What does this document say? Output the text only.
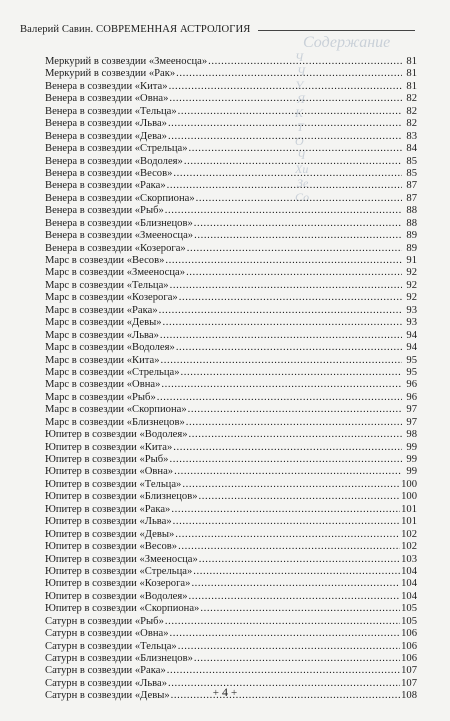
Валерий Савин.
СОВРЕМЕННАЯ АСТРОЛОГИЯ
Содержание
Ч
Ч
У
Я
К
Т
О
Ч
Хи
Зе
Со
Меркурий в созвездии «Змееносца» .....	81
Меркурий в созвездии «Рак» .....	81
Венера в созвездии «Кита» .....	81
Венера в созвездии «Овна» .....	82
Венера в созвездии «Тельца» .....	82
Венера в созвездии «Льва» .....	82
Венера в созвездии «Дева» .....	83
Венера в созвездии «Стрельца» .....	84
Венера в созвездии «Водолея» .....	85
Венера в созвездии «Весов» .....	85
Венера в созвездии «Рака» .....	87
Венера в созвездии «Скорпиона» .....	87
Венера в созвездии «Рыб» .....	88
Венера в созвездии «Близнецов» .....	88
Венера в созвездии «Змееносца» .....	89
Венера в созвездии «Козерога» .....	89
Марс в созвездии «Весов» .....	91
Марс в созвездии «Змееносца» .....	92
Марс в созвездии «Тельца» .....	92
Марс в созвездии «Козерога» .....	92
Марс в созвездии «Рака» .....	93
Марс в созвездии «Девы» .....	93
Марс в созвездии «Льва» .....	94
Марс в созвездии «Водолея» .....	94
Марс в созвездии «Кита» .....	95
Марс в созвездии «Стрельца» .....	95
Марс в созвездии «Овна» .....	96
Марс в созвездии «Рыб» .....	96
Марс в созвездии «Скорпиона» .....	97
Марс в созвездии «Близнецов» .....	97
Юпитер в созвездии «Водолея» .....	98
Юпитер в созвездии «Кита» .....	99
Юпитер в созвездии «Рыб» .....	99
Юпитер в созвездии «Овна» .....	99
Юпитер в созвездии «Тельца» .....	100
Юпитер в созвездии «Близнецов» .....	100
Юпитер в созвездии «Рака» .....	101
Юпитер в созвездии «Льва» .....	101
Юпитер в созвездии «Девы» .....	102
Юпитер в созвездии «Весов» .....	102
Юпитер в созвездии «Змееносца» .....	103
Юпитер в созвездии «Стрельца» .....	104
Юпитер в созвездии «Козерога» .....	104
Юпитер в созвездии «Водолея» .....	104
Юпитер в созвездии «Скорпиона» .....	105
Сатурн в созвездии «Рыб» .....	105
Сатурн в созвездии «Овна» .....	106
Сатурн в созвездии «Тельца» .....	106
Сатурн в созвездии «Близнецов» .....	106
Сатурн в созвездии «Рака» .....	107
Сатурн в созвездии «Льва» .....	107
Сатурн в созвездии «Девы» .....	108
+ 4 +
